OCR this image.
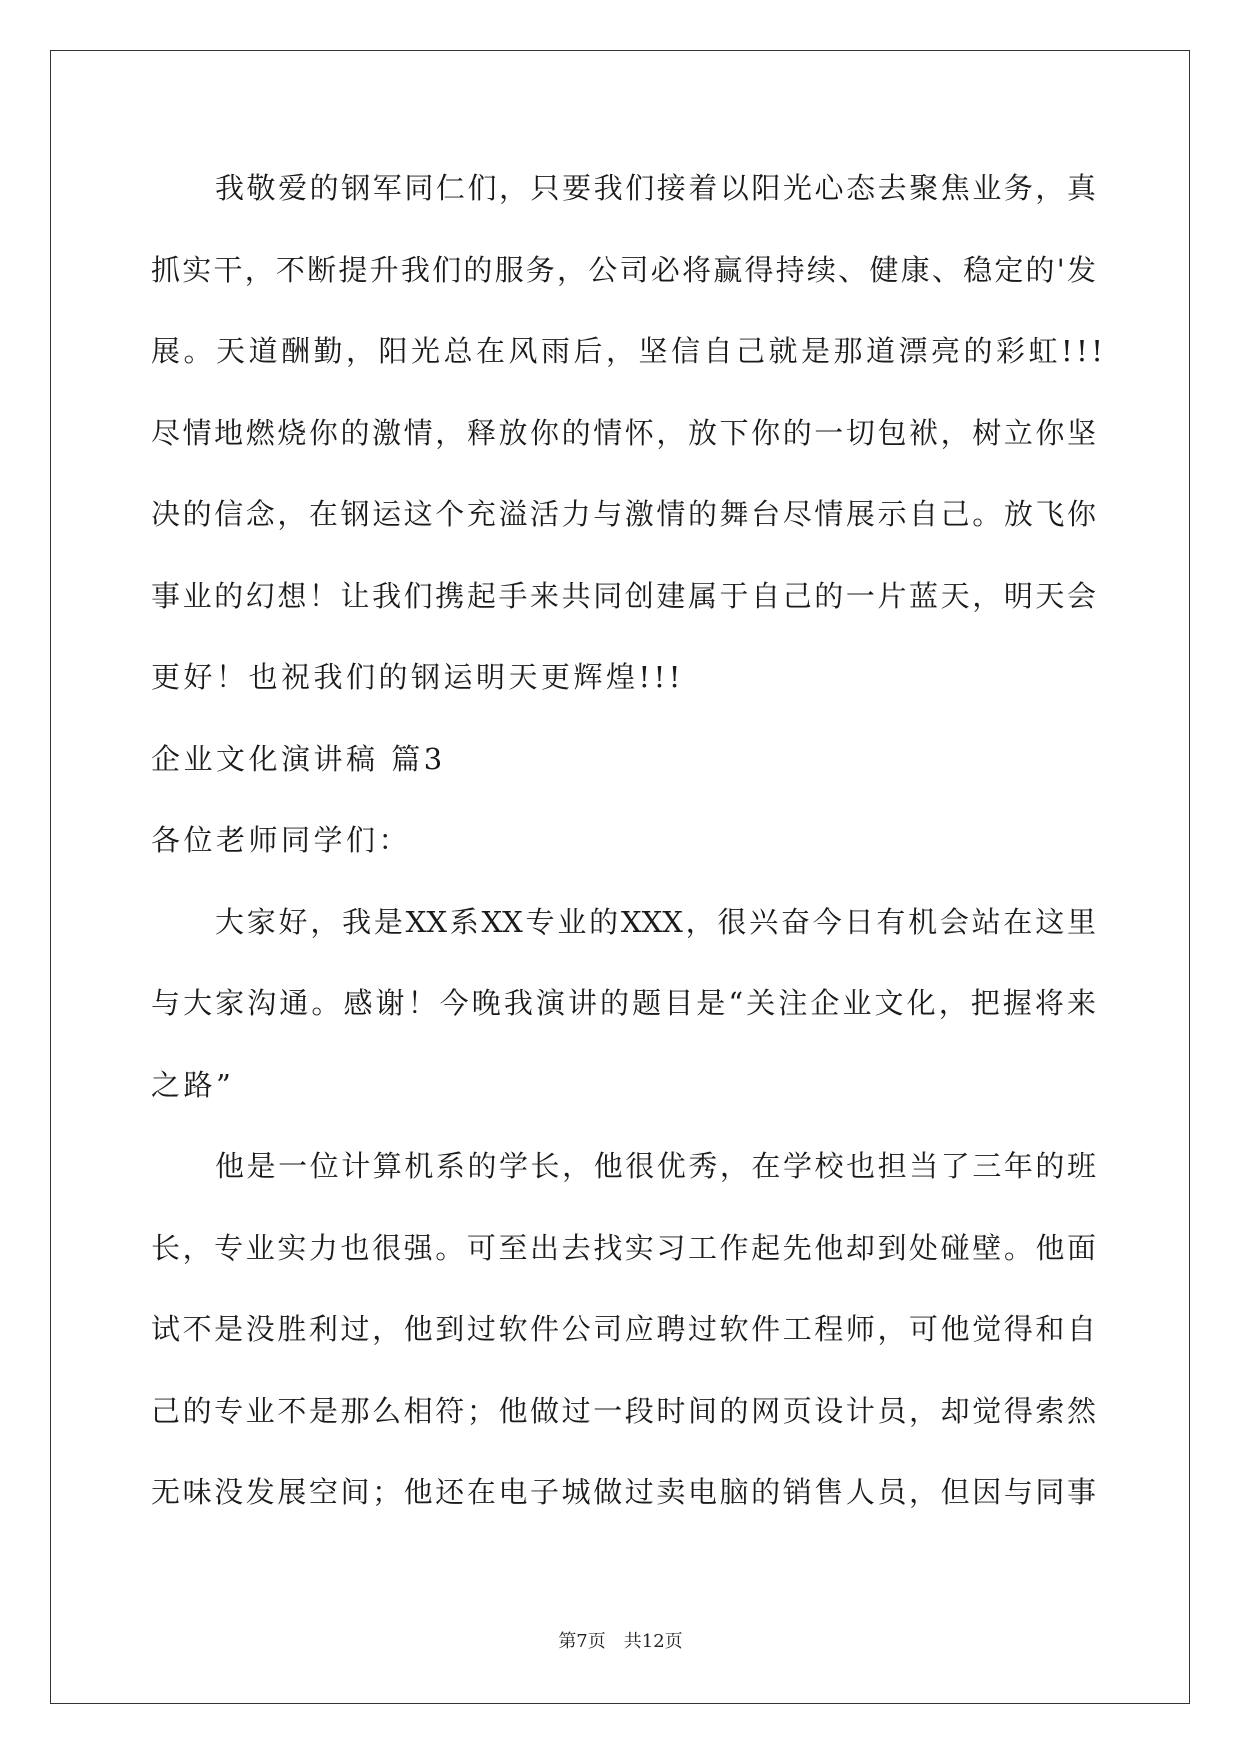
我敬爱的钢军同仁们，只要我们接着以阳光心态去聚焦业务，真
抓实干，不断提升我们的服务，公司必将赢得持续、健康、稳定的'发
展。天道酬勤，阳光总在风雨后，坚信自己就是那道漂亮的彩虹!!!
尽情地燃烧你的激情，释放你的情怀，放下你的一切包袱，树立你坚
决的信念，在钢运这个充溢活力与激情的舞台尽情展示自己。放飞你
事业的幻想！让我们携起手来共同创建属于自己的一片蓝天，明天会
更好！也祝我们的钢运明天更辉煌!!!
企业文化演讲稿 篇3
各位老师同学们：
大家好，我是XX系XX专业的XXX，很兴奋今日有机会站在这里
与大家沟通。感谢！今晚我演讲的题目是“关注企业文化，把握将来
之路”
他是一位计算机系的学长，他很优秀，在学校也担当了三年的班
长，专业实力也很强。可至出去找实习工作起先他却到处碰壁。他面
试不是没胜利过，他到过软件公司应聘过软件工程师，可他觉得和自
己的专业不是那么相符；他做过一段时间的网页设计员，却觉得索然
无味没发展空间；他还在电子城做过卖电脑的销售人员，但因与同事
第7页　共12页
